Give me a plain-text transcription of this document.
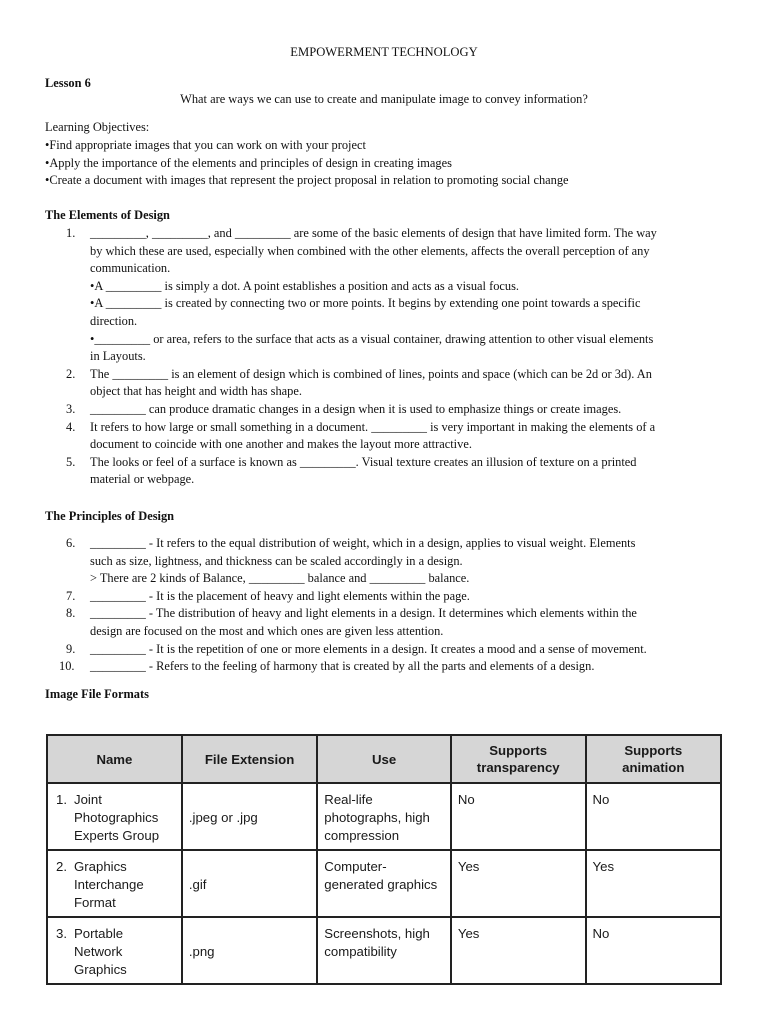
EMPOWERMENT TECHNOLOGY
Lesson 6
What are ways we can use to create and manipulate image to convey information?
Learning Objectives:
•Find appropriate images that you can work on with your project
•Apply the importance of the elements and principles of design in creating images
•Create a document with images that represent the project proposal in relation to promoting social change
The Elements of Design
1. _________, _________, and _________ are some of the basic elements of design that have limited form. The way
by which these are used, especially when combined with the other elements, affects the overall perception of any
communication.
•A _________ is simply a dot. A point establishes a position and acts as a visual focus.
•A _________ is created by connecting two or more points. It begins by extending one point towards a specific
direction.
•_________ or area, refers to the surface that acts as a visual container, drawing attention to other visual elements
in Layouts.
2. The _________ is an element of design which is combined of lines, points and space (which can be 2d or 3d). An
object that has height and width has shape.
3. _________ can produce dramatic changes in a design when it is used to emphasize things or create images.
4. It refers to how large or small something in a document. _________ is very important in making the elements of a
document to coincide with one another and makes the layout more attractive.
5. The looks or feel of a surface is known as _________. Visual texture creates an illusion of texture on a printed
material or webpage.
The Principles of Design
6. _________ - It refers to the equal distribution of weight, which in a design, applies to visual weight. Elements
such as size, lightness, and thickness can be scaled accordingly in a design.
> There are 2 kinds of Balance, _________ balance and _________ balance.
7. _________ - It is the placement of heavy and light elements within the page.
8. _________ - The distribution of heavy and light elements in a design. It determines which elements within the
design are focused on the most and which ones are given less attention.
9. _________ - It is the repetition of one or more elements in a design. It creates a mood and a sense of movement.
10. _________ - Refers to the feeling of harmony that is created by all the parts and elements of a design.
Image File Formats
Name	File Extension	Use	Supports transparency	Supports animation

1. Joint Photographics Experts Group	.jpeg or .jpg	Real-life photographs, high compression	No	No

2. Graphics Interchange Format	.gif	Computer-generated graphics	Yes	Yes

3. Portable Network Graphics	.png	Screenshots, high compatibility	Yes	No
